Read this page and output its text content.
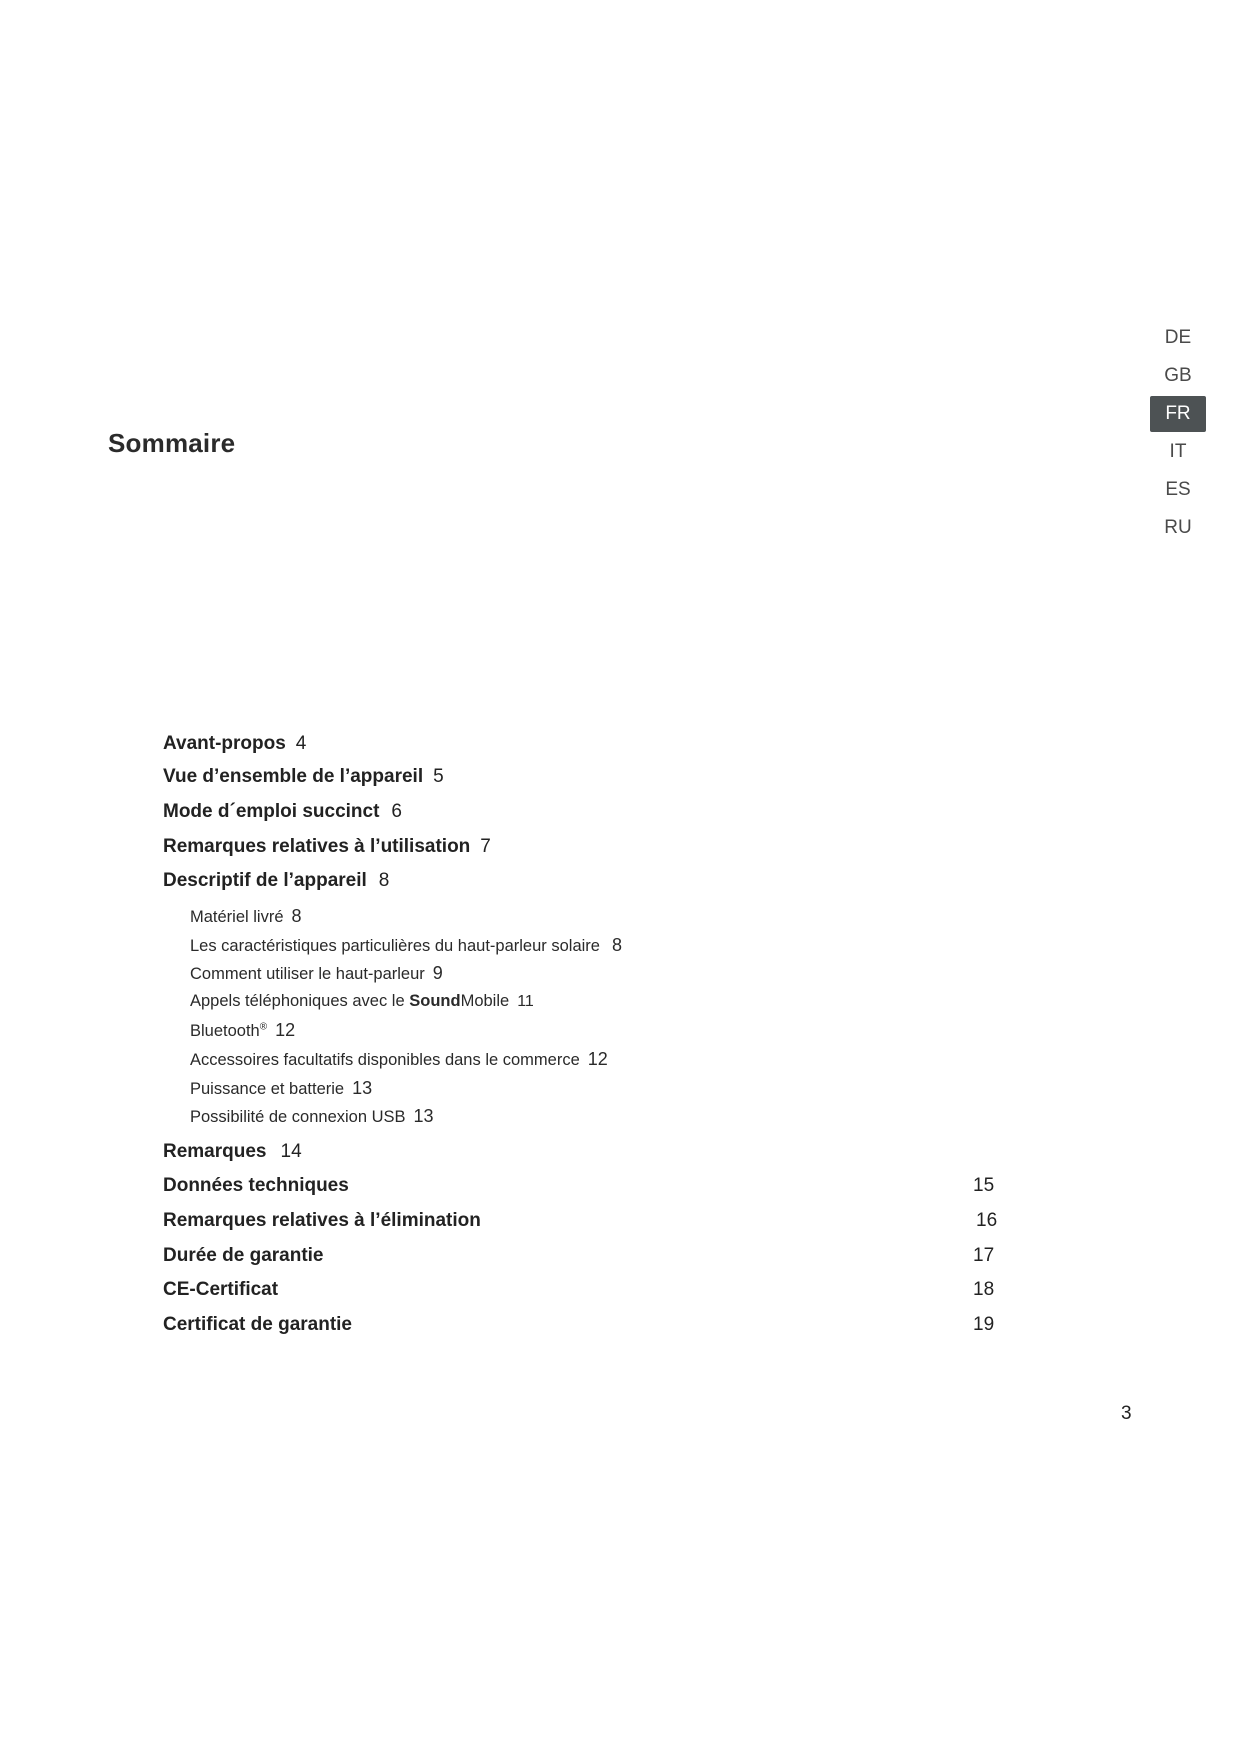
Sommaire
DE
GB
FR
IT
ES
RU
Avant-propos 4
Vue d’ensemble de l’appareil 5
Mode d´emploi succinct 6
Remarques relatives à l’utilisation 7
Descriptif de l’appareil 8
Matériel livré 8
Les caractéristiques particulières du haut-parleur solaire 8
Comment utiliser le haut-parleur 9
Appels téléphoniques avec le SoundMobile 11
Bluetooth® 12
Accessoires facultatifs disponibles dans le commerce 12
Puissance et batterie 13
Possibilité de connexion USB 13
Remarques 14
Données techniques	15
Remarques relatives à l’élimination	16
Durée de garantie	17
CE-Certificat	18
Certificat de garantie	19
3
